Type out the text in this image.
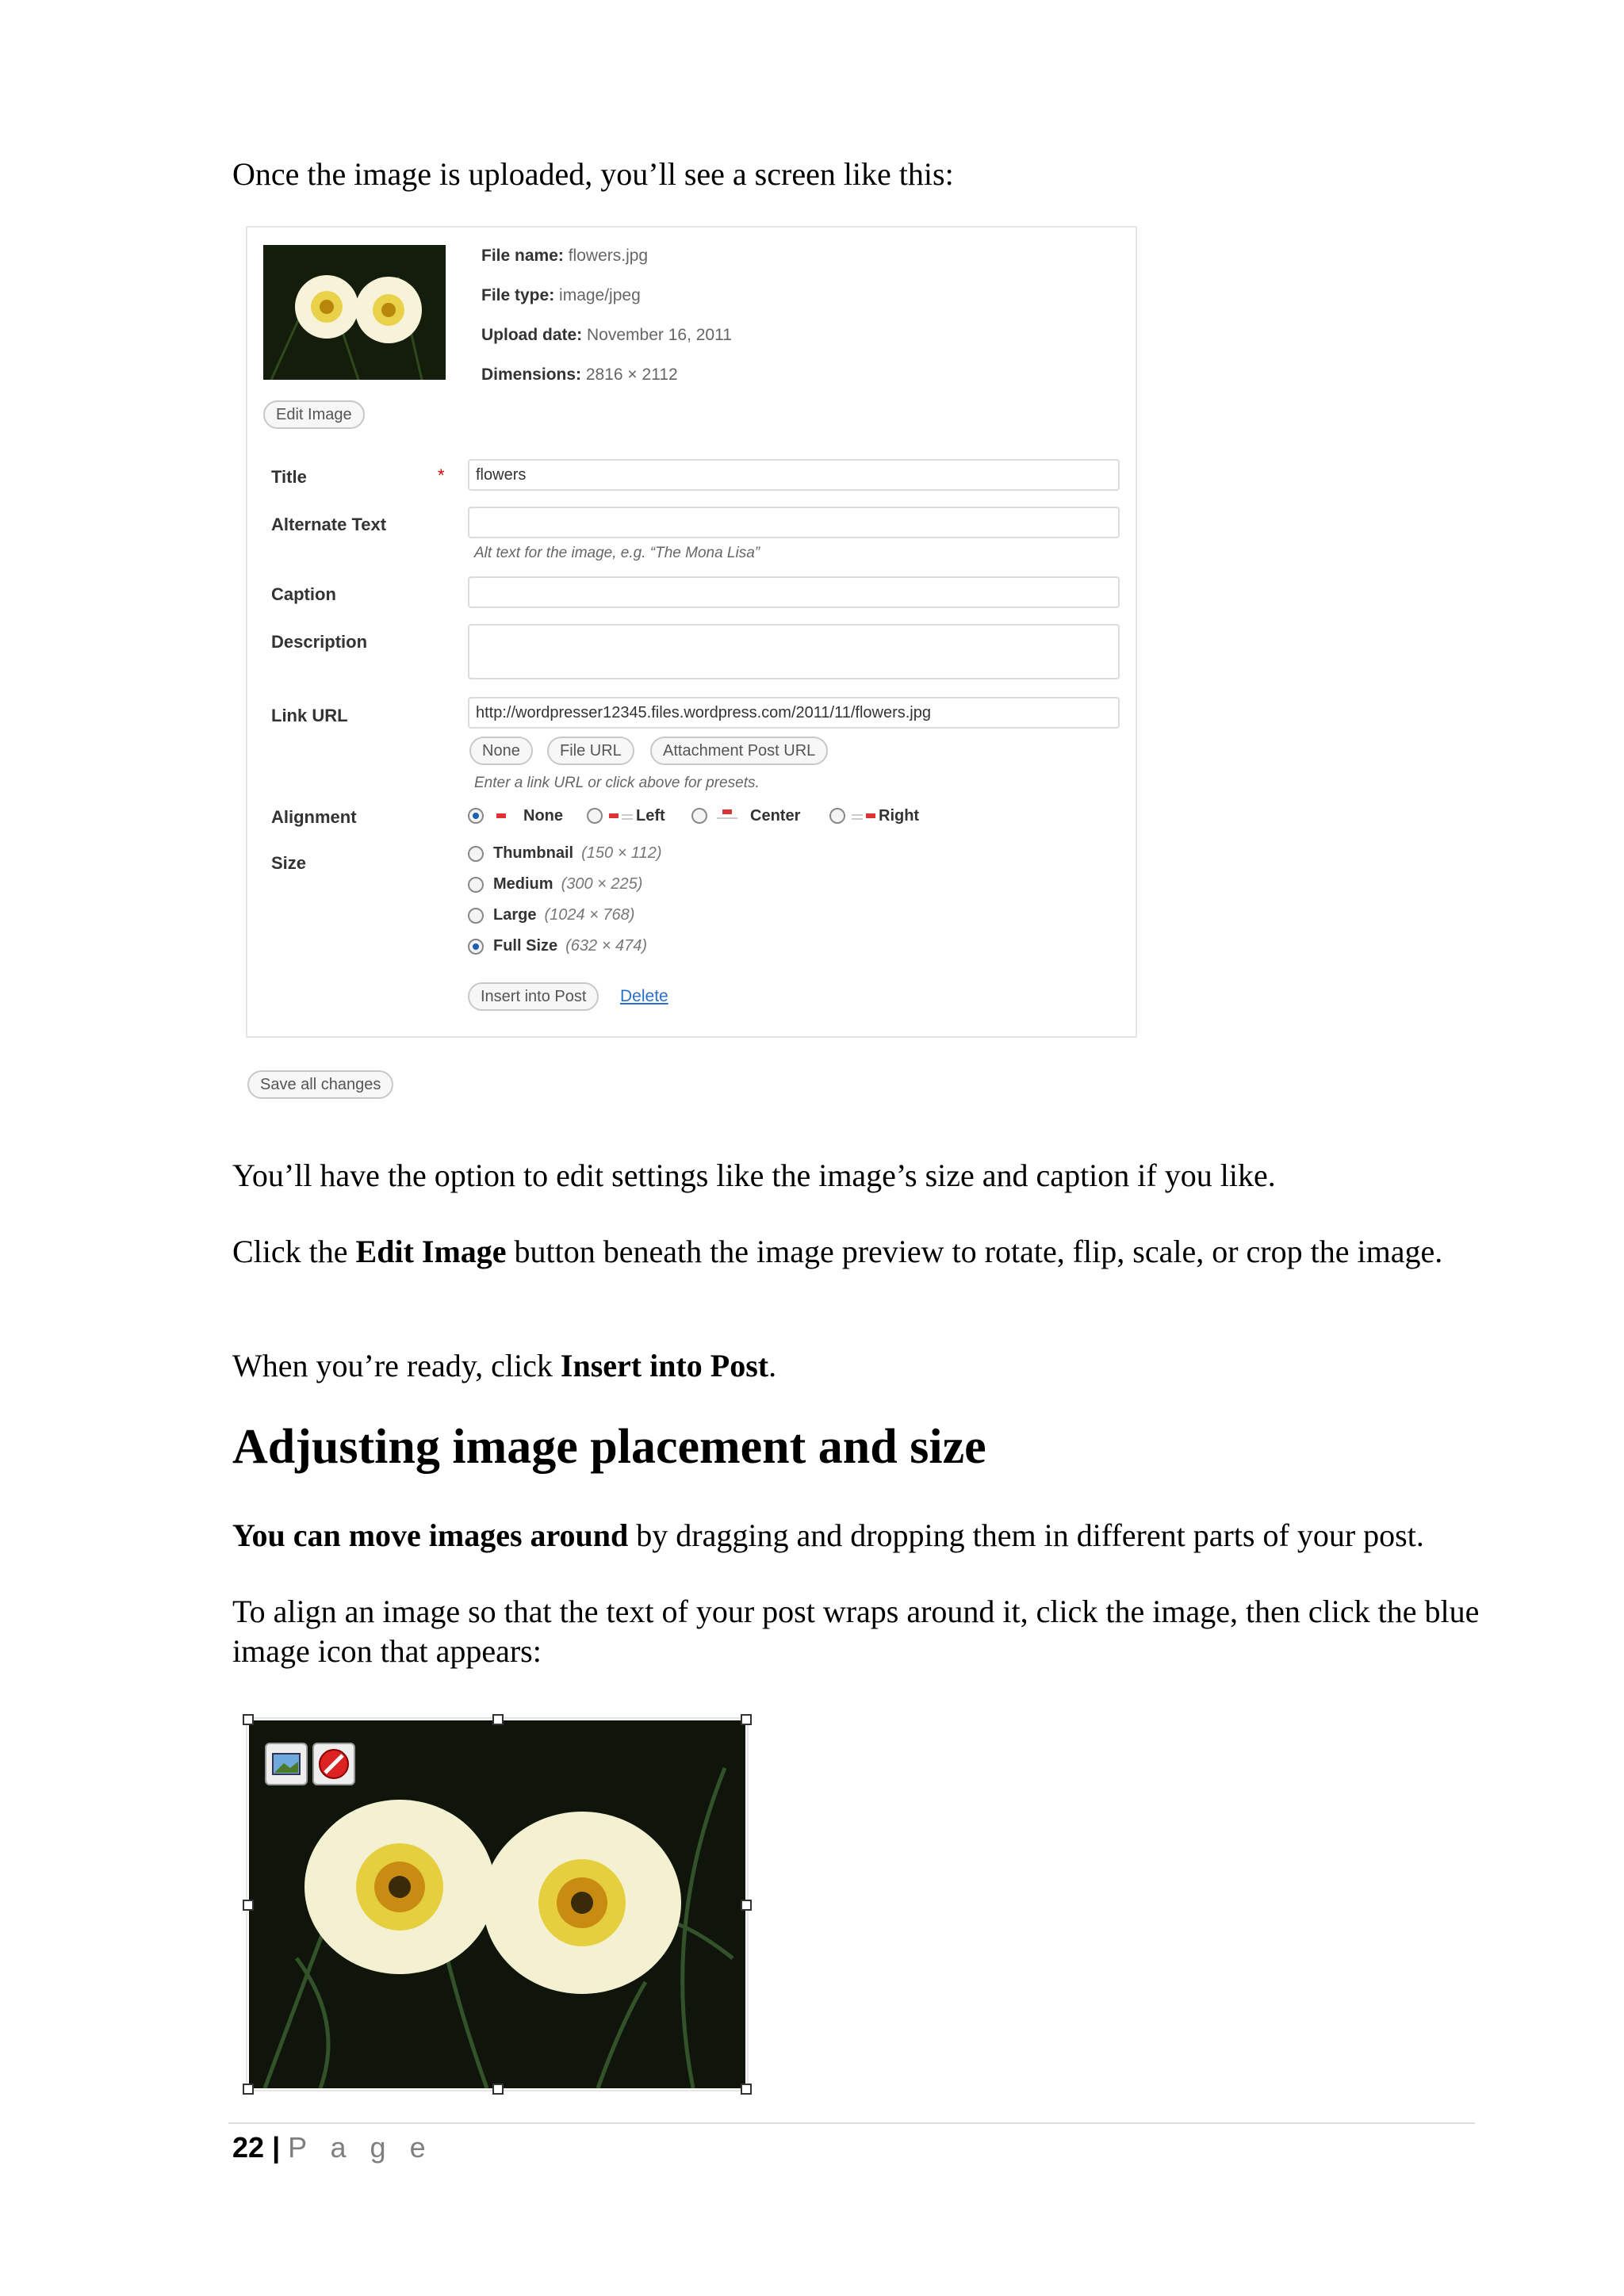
Once the image is uploaded, you’ll see a screen like this:

File name: flowers.jpg
File type: image/jpeg
Upload date: November 16, 2011
Dimensions: 2816 × 2112
Edit Image
Title	*	flowers
Alternate Text
Alt text for the image, e.g. “The Mona Lisa”
Caption
Description
Link URL	http://wordpresser12345.files.wordpress.com/2011/11/flowers.jpg
None	File URL	Attachment Post URL
Enter a link URL or click above for presets.
Alignment	None	Left	Center	Right
Size	Thumbnail (150 × 112)
Medium (300 × 225)
Large (1024 × 768)
Full Size (632 × 474)
Insert into Post	Delete
Save all changes

You’ll have the option to edit settings like the image’s size and caption if you like.

Click the Edit Image button beneath the image preview to rotate, flip, scale, or crop the image.

When you’re ready, click Insert into Post.

Adjusting image placement and size

You can move images around by dragging and dropping them in different parts of your post.

To align an image so that the text of your post wraps around it, click the image, then click the blue image icon that appears:

22 | P a g e
